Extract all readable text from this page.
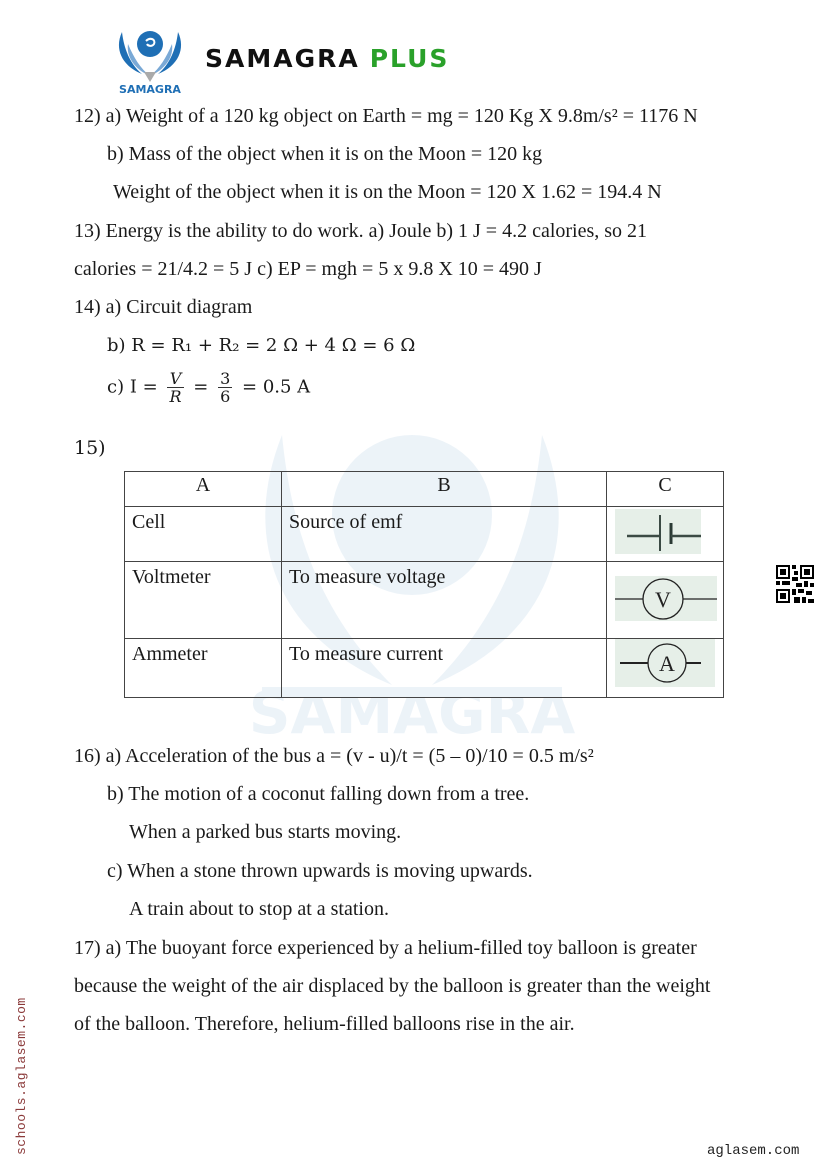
SAMAGRA
SAMAGRA PLUS
SAMAGRA
12) a) Weight of a 120 kg object on Earth = mg = 120 Kg X 9.8m/s² = 1176 N
b) Mass of the object when it is on the Moon = 120 kg
Weight of the object when it is on the Moon = 120 X 1.62 = 194.4 N
13) Energy is the ability to do work. a) Joule b) 1 J = 4.2 calories, so 21
calories = 21/4.2 = 5 J c) EP = mgh = 5 x 9.8 X 10 = 490 J
14) a) Circuit diagram
b) R = R₁ + R₂ = 2 Ω + 4 Ω = 6 Ω
c) $I = \frac{V}{R} = \frac{3}{6} = 0.5$ A
15)
A	B	C
Cell	Source of emf	

Voltmeter	To measure voltage	V

Ammeter	To measure current	A
16) a) Acceleration of the bus a = (v - u)/t = (5 – 0)/10 = 0.5 m/s²
b) The motion of a coconut falling down from a tree.
When a parked bus starts moving.
c) When a stone thrown upwards is moving upwards.
A train about to stop at a station.
17) a) The buoyant force experienced by a helium-filled toy balloon is greater
because the weight of the air displaced by the balloon is greater than the weight
of the balloon. Therefore, helium-filled balloons rise in the air.
schools.aglasem.com	aglasem.com
